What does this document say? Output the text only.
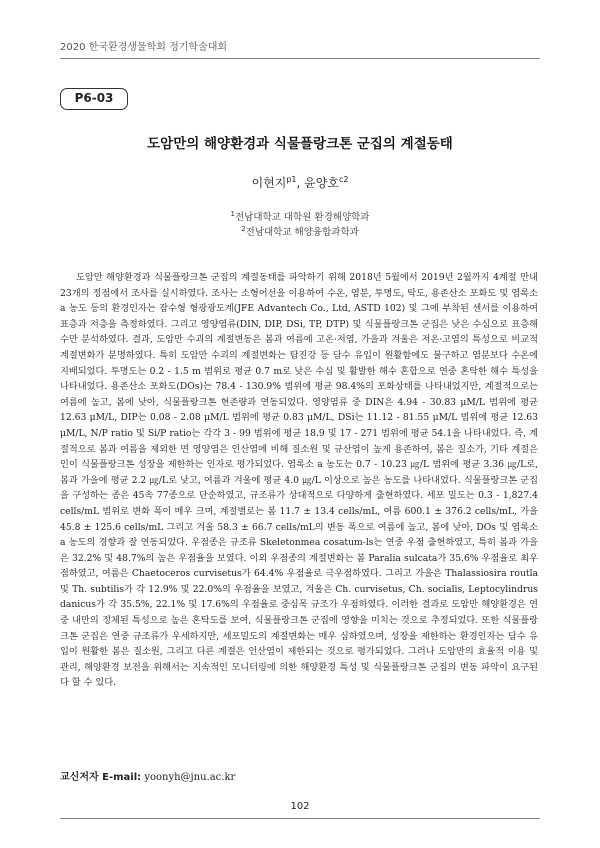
2020 한국환경생물학회 정기학술대회
P6-03
도암만의 해양환경과 식물플랑크톤 군집의 계절동태
이현지$^{p1}$, 윤양호$^{c2}$
$^1$전남대학교 대학원 환경해양학과
$^2$전남대학교 해양융합과학과

도암만 해양환경과 식물플랑크톤 군집의 계절동태를 파악하기 위해 2018년 5월에서 2019년 2월까지 4계절 만내 23개의 정점에서 조사를 실시하였다. 조사는 소형어선을 이용하여 수온, 염분, 투명도, 탁도, 용존산소 포화도 및 엽록소 a 농도 등의 환경인자는 잠수형 형광광도계(JFE Advantech Co., Ltd, ASTD 102) 및 그에 부착된 센서를 이용하여 표층과 저층을 측정하였다. 그리고 영양염류(DIN, DIP, DSi, TP, DTP) 및 식물플랑크톤 군집은 낮은 수심으로 표층해수만 분석하였다. 결과, 도암만 수괴의 계절변동은 봄과 여름에 고온·저염, 가을과 겨울은 저온·고염의 특성으로 비교적 계절변화가 분명하였다. 특히 도암만 수괴의 계절변화는 탐진강 등 담수 유입이 원활함에도 불구하고 염분보다 수온에 지배되었다. 투명도는 0.2 - 1.5 m 범위로 평균 0.7 m로 낮은 수심 및 활발한 해수 혼합으로 연중 혼탁한 해수 특성을 나타내었다. 용존산소 포화도(DOs)는 78.4 - 130.9% 범위에 평균 98.4%의 포화상태를 나타내었지만, 계절적으로는 여름에 높고, 봄에 낮아, 식물플랑크톤 현존량과 연동되었다. 영양염류 중 DIN은 4.94 - 30.83 μM/L 범위에 평균 12.63 μM/L, DIP는 0.08 - 2.08 μM/L 범위에 평균 0.83 μM/L, DSi는 11.12 - 81.55 μM/L 범위에 평균 12.63 μM/L, N/P ratio 및 Si/P ratio는 각각 3 - 99 범위에 평균 18.9 및 17 - 271 범위에 평균 54.1을 나타내었다. 즉, 계절적으로 봄과 여름을 제외한 면 영양염은 인산염에 비해 질소원 및 규산염이 높게 용존하여, 봄은 질소가, 기타 계절은 인이 식물플랑크톤 성장을 제한하는 인자로 평가되었다. 엽록소 a 농도는 0.7 - 10.23 ㎍/L 범위에 평균 3.36 ㎍/L로, 봄과 가을에 평균 2.2 ㎍/L로 낮고, 여름과 겨울에 평균 4.0 ㎍/L 이상으로 높은 농도를 나타내었다. 식물플랑크톤 군집을 구성하는 종은 45속 77종으로 단순하였고, 규조류가 상대적으로 다양하게 출현하였다. 세포 밀도는 0.3 - 1,827.4 cells/mL 범위로 변화 폭이 매우 크며, 계절별로는 봄 11.7 ± 13.4 cells/mL, 여름 600.1 ± 376.2 cells/mL, 가을 45.8 ± 125.6 cells/mL 그리고 겨울 58.3 ± 66.7 cells/mL의 변동 폭으로 여름에 높고, 봄에 낮아, DOs 및 엽록소 a 농도의 경향과 잘 연동되었다. 우점종은 규조류 Skeletonmea cosatum-ls는 연중 우점 출현하였고, 특히 봄과 가을은 32.2% 및 48.7%의 높은 우점율을 보였다. 이외 우점종의 계절변화는 봄 Paralia sulcata가 35.6% 우점율로 최우점하였고, 여름은 Chaetoceros curvisetus가 64.4% 우점율로 극우점하였다. 그리고 가을은 Thalassiosira routla 및 Th. subtilis가 각 12.9% 및 22.0%의 우점율을 보였고, 겨울은 Ch. curvisetus, Ch. socialis, Leptocylindrus danicus가 각 35.5%, 22.1% 및 17.6%의 우점율로 중심목 규조가 우점하였다. 이러한 결과로 도암만 해양환경은 연중 내만의 정체된 특성으로 높은 혼탁도를 보여, 식물플랑크톤 군집에 영향을 미치는 것으로 추정되었다. 또한 식물플랑크톤 군집은 연중 규조류가 우세하지만, 세포밀도의 계절변화는 매우 심하였으며, 성장을 제한하는 환경인자는 담수 유입이 원활한 봄은 질소원, 그리고 다른 계절은 인산염이 제한되는 것으로 평가되었다. 그러나 도암만의 효율적 이용 및 관리, 해양환경 보전을 위해서는 지속적인 모니터링에 의한 해양환경 특성 및 식물플랑크톤 군집의 변동 파악이 요구된다 할 수 있다.

교신저자 E-mail: yoonyh@jnu.ac.kr
102
